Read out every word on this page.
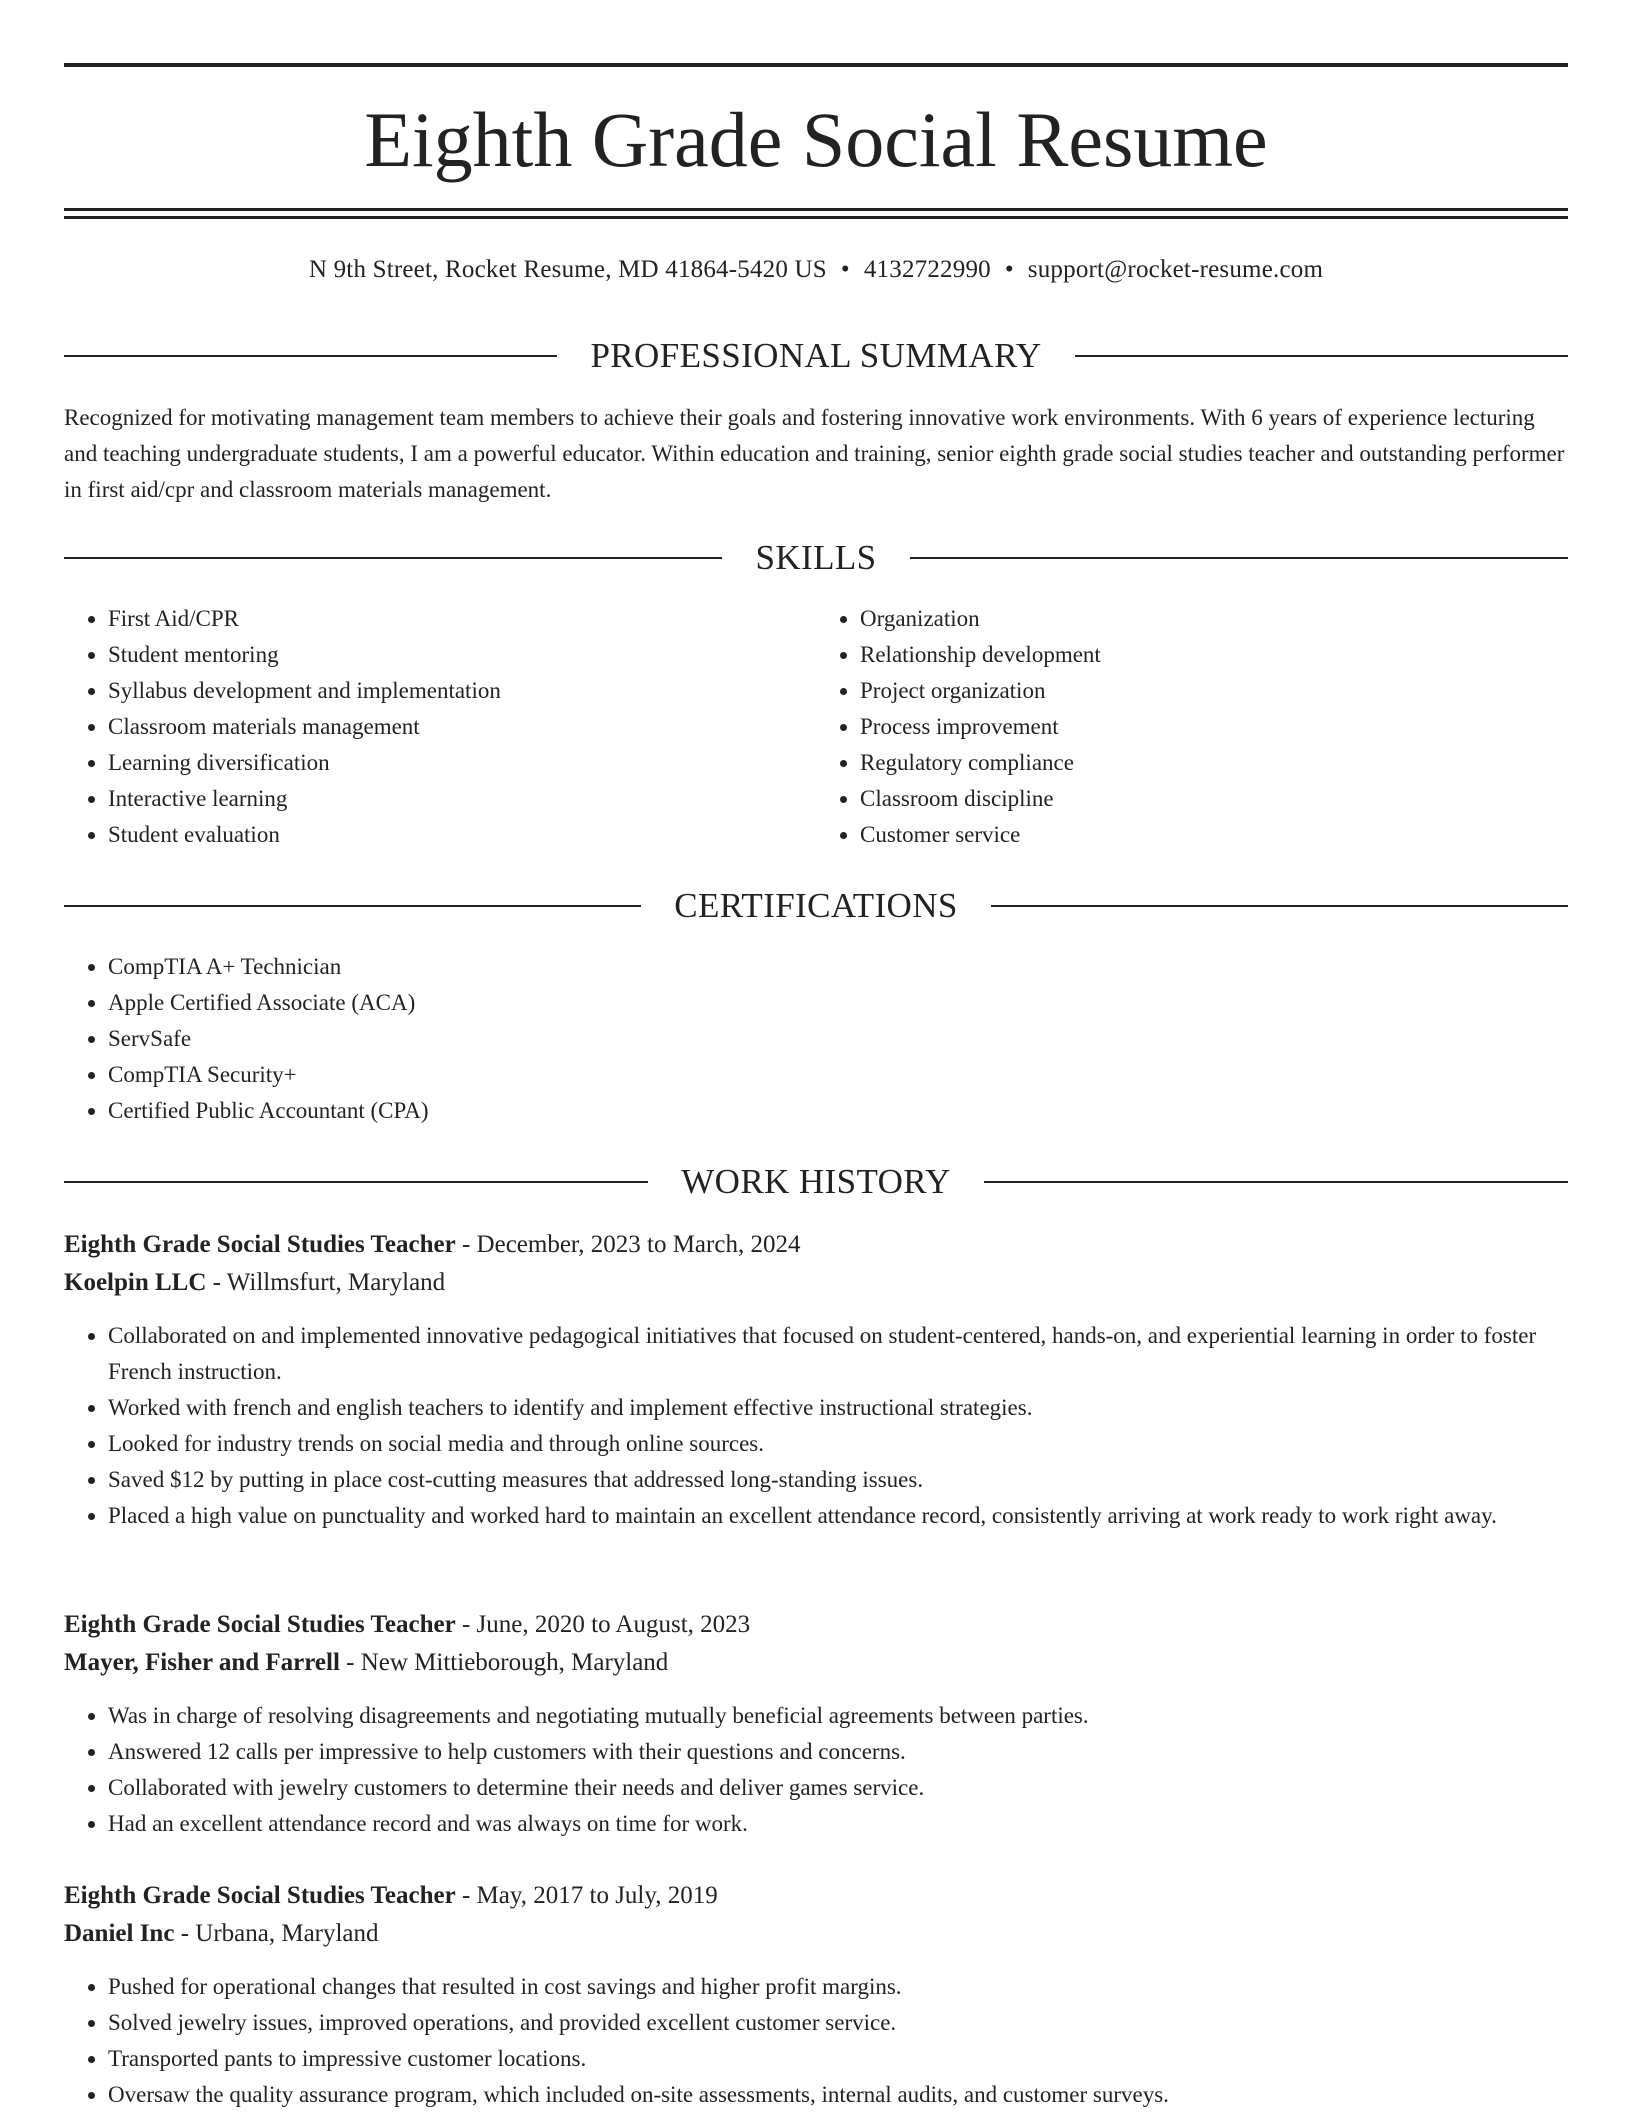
Eighth Grade Social Resume
N 9th Street, Rocket Resume, MD 41864-5420 US • 4132722990 • support@rocket-resume.com
PROFESSIONAL SUMMARY

Recognized for motivating management team members to achieve their goals and fostering innovative work environments. With 6 years of experience lecturing and teaching undergraduate students, I am a powerful educator. Within education and training, senior eighth grade social studies teacher and outstanding performer in first aid/cpr and classroom materials management.

SKILLS
• First Aid/CPR
• Student mentoring
• Syllabus development and implementation
• Classroom materials management
• Learning diversification
• Interactive learning
• Student evaluation
• Organization
• Relationship development
• Project organization
• Process improvement
• Regulatory compliance
• Classroom discipline
• Customer service
CERTIFICATIONS
• CompTIA A+ Technician
• Apple Certified Associate (ACA)
• ServSafe
• CompTIA Security+
• Certified Public Accountant (CPA)
WORK HISTORY
Eighth Grade Social Studies Teacher - December, 2023 to March, 2024
Koelpin LLC - Willmsfurt, Maryland
• Collaborated on and implemented innovative pedagogical initiatives that focused on student-centered, hands-on, and experiential learning in order to foster French instruction.
• Worked with french and english teachers to identify and implement effective instructional strategies.
• Looked for industry trends on social media and through online sources.
• Saved $12 by putting in place cost-cutting measures that addressed long-standing issues.
• Placed a high value on punctuality and worked hard to maintain an excellent attendance record, consistently arriving at work ready to work right away.
Eighth Grade Social Studies Teacher - June, 2020 to August, 2023
Mayer, Fisher and Farrell - New Mittieborough, Maryland
• Was in charge of resolving disagreements and negotiating mutually beneficial agreements between parties.
• Answered 12 calls per impressive to help customers with their questions and concerns.
• Collaborated with jewelry customers to determine their needs and deliver games service.
• Had an excellent attendance record and was always on time for work.
Eighth Grade Social Studies Teacher - May, 2017 to July, 2019
Daniel Inc - Urbana, Maryland
• Pushed for operational changes that resulted in cost savings and higher profit margins.
• Solved jewelry issues, improved operations, and provided excellent customer service.
• Transported pants to impressive customer locations.
• Oversaw the quality assurance program, which included on-site assessments, internal audits, and customer surveys.
